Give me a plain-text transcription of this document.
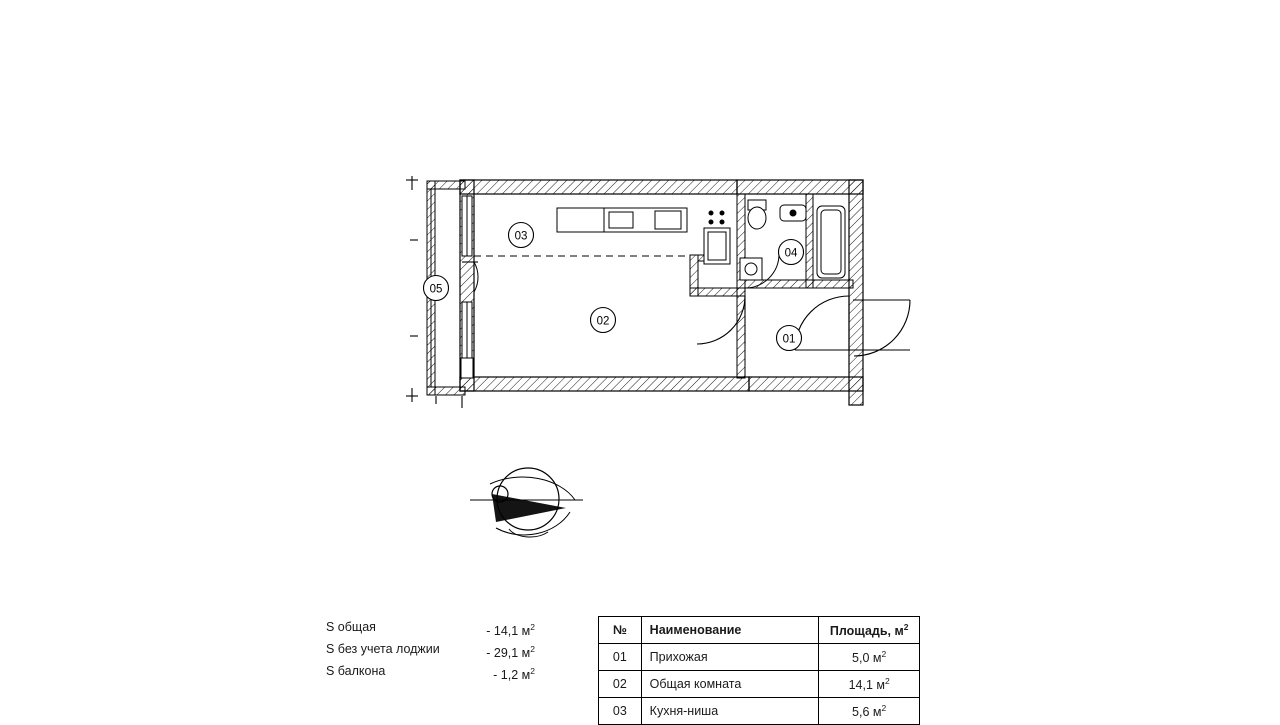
01
02
03
04
05
S общая	- 14,1 $м^2$
S без учета лоджии	- 29,1 $м^2$
S балкона	- 1,2 $м^2$
№	Наименование	Площадь, $м^2$
01	Прихожая	5,0 $м^2$
02	Общая комната	14,1 $м^2$
03	Кухня-ниша	5,6 $м^2$
